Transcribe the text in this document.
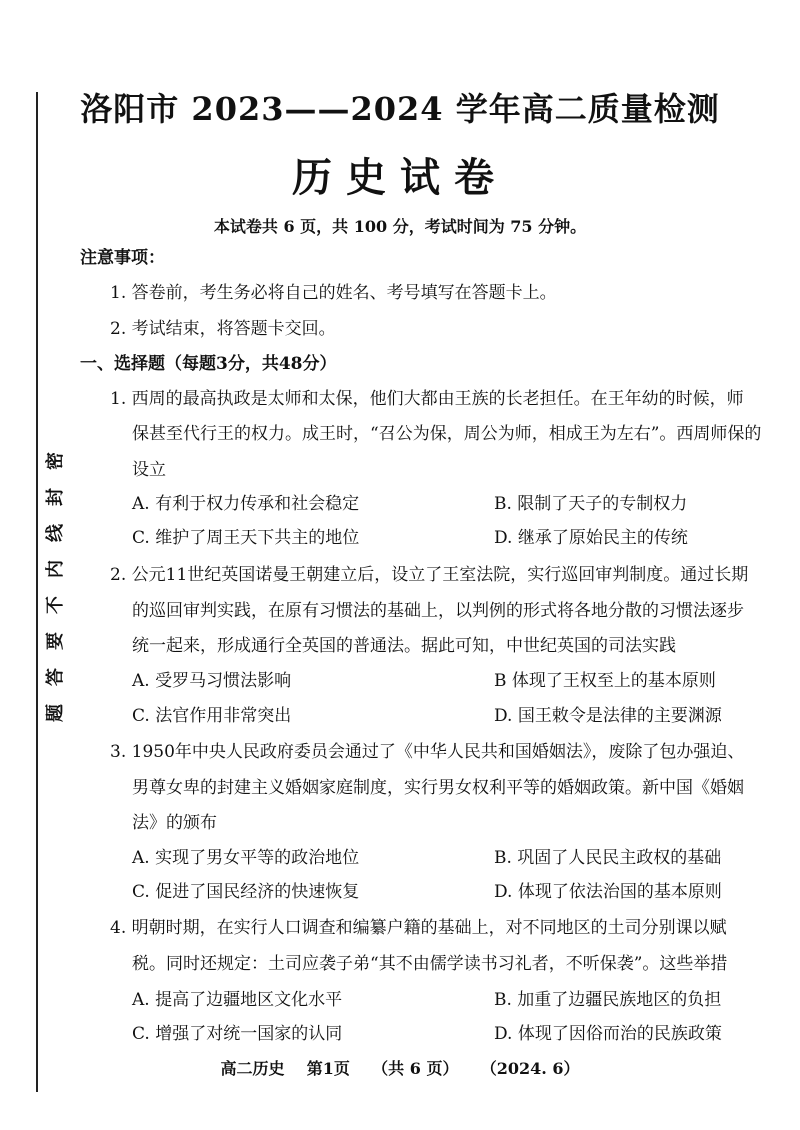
密
封
线
内
不
要
答
题
洛阳市 2023——2024 学年高二质量检测
历史试卷
本试卷共 6 页，共 100 分，考试时间为 75 分钟。
注意事项：
1. 答卷前，考生务必将自己的姓名、考号填写在答题卡上。
2. 考试结束，将答题卡交回。
一、选择题（每题3分，共48分）
1. 西周的最高执政是太师和太保，他们大都由王族的长老担任。在王年幼的时候，师
保甚至代行王的权力。成王时，“召公为保，周公为师，相成王为左右”。西周师保的
设立
A. 有利于权力传承和社会稳定	B. 限制了天子的专制权力
C. 维护了周王天下共主的地位	D. 继承了原始民主的传统
2. 公元11世纪英国诺曼王朝建立后，设立了王室法院，实行巡回审判制度。通过长期
的巡回审判实践，在原有习惯法的基础上，以判例的形式将各地分散的习惯法逐步
统一起来，形成通行全英国的普通法。据此可知，中世纪英国的司法实践
A. 受罗马习惯法影响	B 体现了王权至上的基本原则
C. 法官作用非常突出	D. 国王敕令是法律的主要渊源
3. 1950年中央人民政府委员会通过了《中华人民共和国婚姻法》，废除了包办强迫、
男尊女卑的封建主义婚姻家庭制度，实行男女权利平等的婚姻政策。新中国《婚姻
法》的颁布
A. 实现了男女平等的政治地位	B. 巩固了人民民主政权的基础
C. 促进了国民经济的快速恢复	D. 体现了依法治国的基本原则
4. 明朝时期，在实行人口调查和编纂户籍的基础上，对不同地区的土司分别课以赋
税。同时还规定：土司应袭子弟“其不由儒学读书习礼者，不听保袭”。这些举措
A. 提高了边疆地区文化水平	B. 加重了边疆民族地区的负担
C. 增强了对统一国家的认同	D. 体现了因俗而治的民族政策
高二历史    第1页    （共 6 页）    （2024. 6）
